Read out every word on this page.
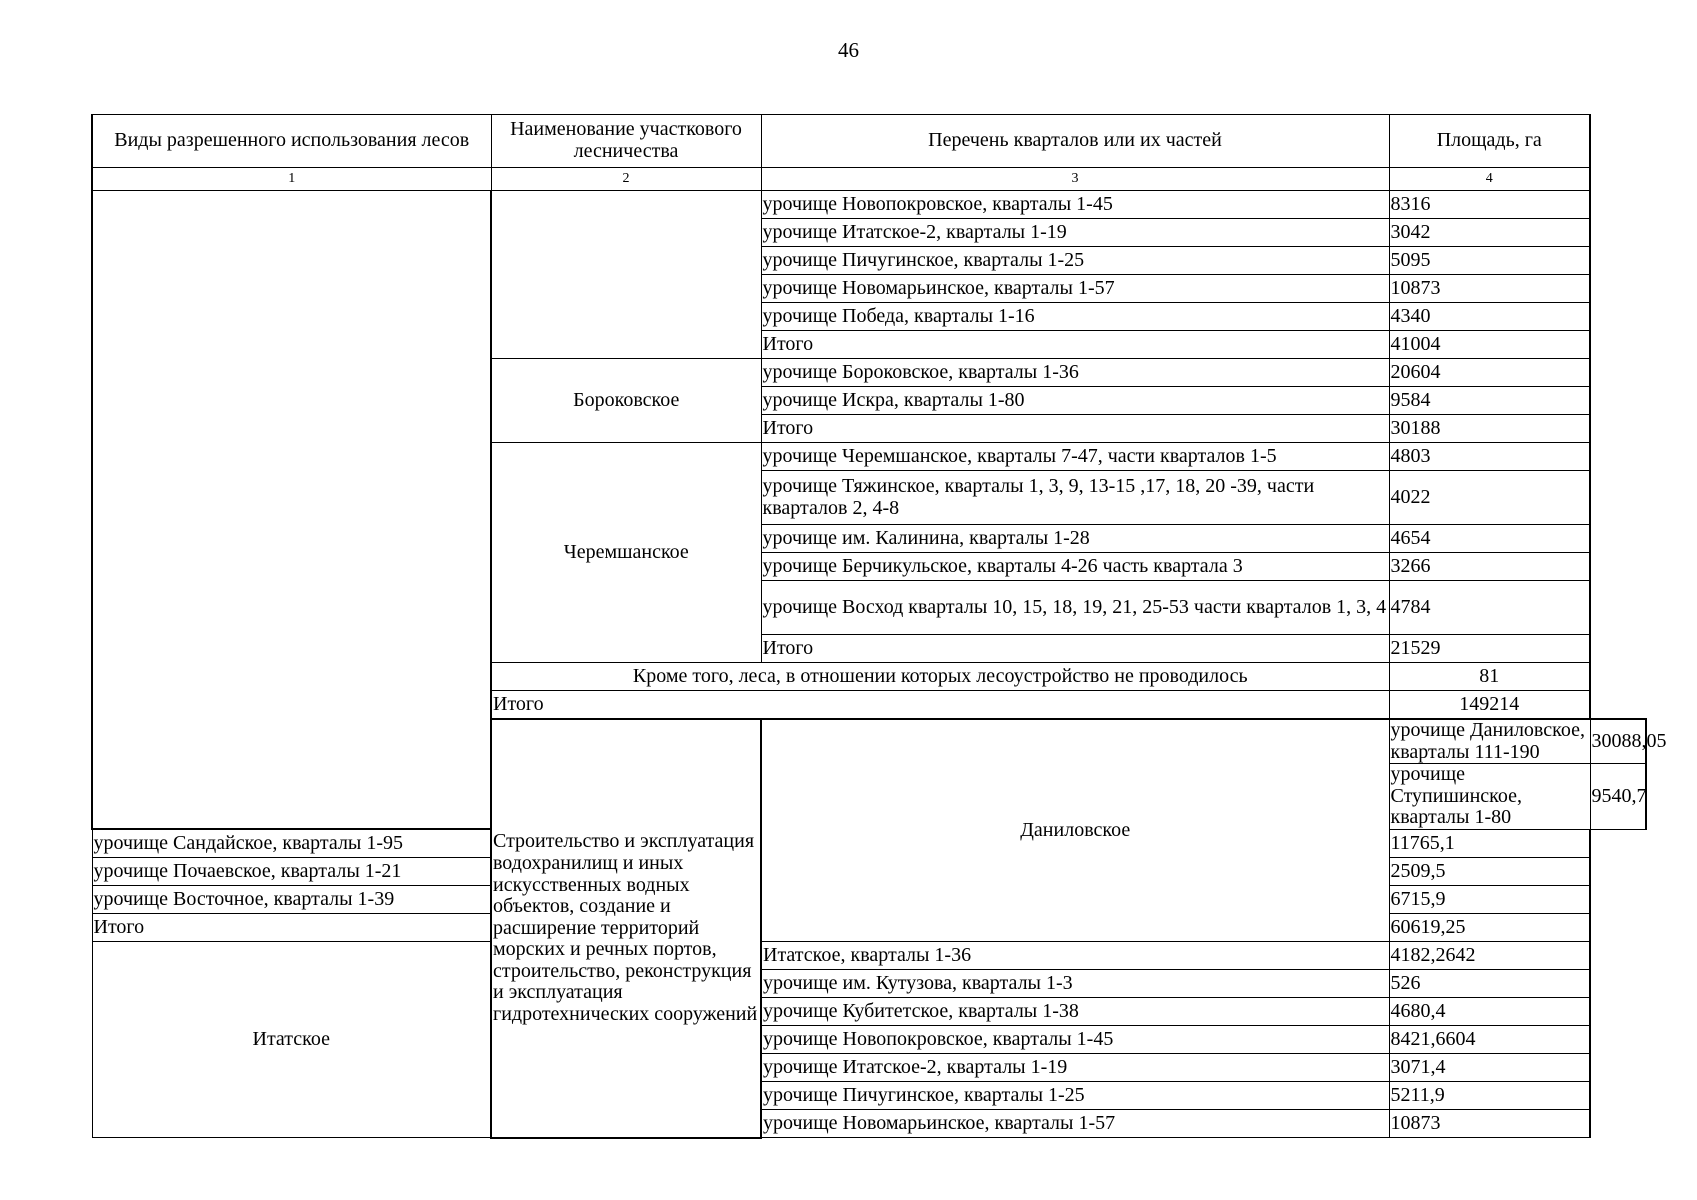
46
Виды разрешенного использования лесов	Наименование участкового лесничества	Перечень кварталов или их частей	Площадь, га	
1	2	3	4	
		урочище Новопокровское, кварталы 1-45	8316	
		урочище Итатское-2, кварталы 1-19	3042	
		урочище Пичугинское, кварталы 1-25	5095	
		урочище Новомарьинское, кварталы 1-57	10873	
		урочище Победа, кварталы 1-16	4340	
		Итого	41004	
	Бороковское	урочище Бороковское, кварталы 1-36	20604	
		урочище Искра, кварталы 1-80	9584	
		Итого	30188	
	Черемшанское	урочище Черемшанское, кварталы 7-47, части кварталов 1-5	4803	
		урочище Тяжинское, кварталы 1, 3, 9, 13-15 ,17, 18, 20 -39, части кварталов 2, 4-8	4022	
		урочище им. Калинина, кварталы 1-28	4654	
		урочище Берчикульское, кварталы 4-26 часть квартала 3	3266	
		урочище Восход кварталы 10, 15, 18, 19, 21, 25-53 части кварталов 1, 3, 4	4784	
		Итого	21529	
	Кроме того, леса, в отношении которых лесоустройство не проводилось		81	
	Итого		149214	
	Строительство и эксплуатация водохранилищ и иных искусственных водных объектов, создание и расширение территорий морских и речных портов, строительство, реконструкция и эксплуатация гидротехнических сооружений	Даниловское	урочище Даниловское, кварталы 111-190	30088,05
			урочище Ступишинское, кварталы 1-80	9540,7
урочище Сандайское, кварталы 1-95			11765,1	
урочище Почаевское, кварталы 1-21			2509,5	
урочище Восточное, кварталы 1-39			6715,9	
Итого			60619,25	
Итатское		Итатское, кварталы 1-36	4182,2642	
		урочище им. Кутузова, кварталы 1-3	526	
		урочище Кубитетское, кварталы 1-38	4680,4	
		урочище Новопокровское, кварталы 1-45	8421,6604	
		урочище Итатское-2, кварталы 1-19	3071,4	
		урочище Пичугинское, кварталы 1-25	5211,9	
		урочище Новомарьинское, кварталы 1-57	10873	
